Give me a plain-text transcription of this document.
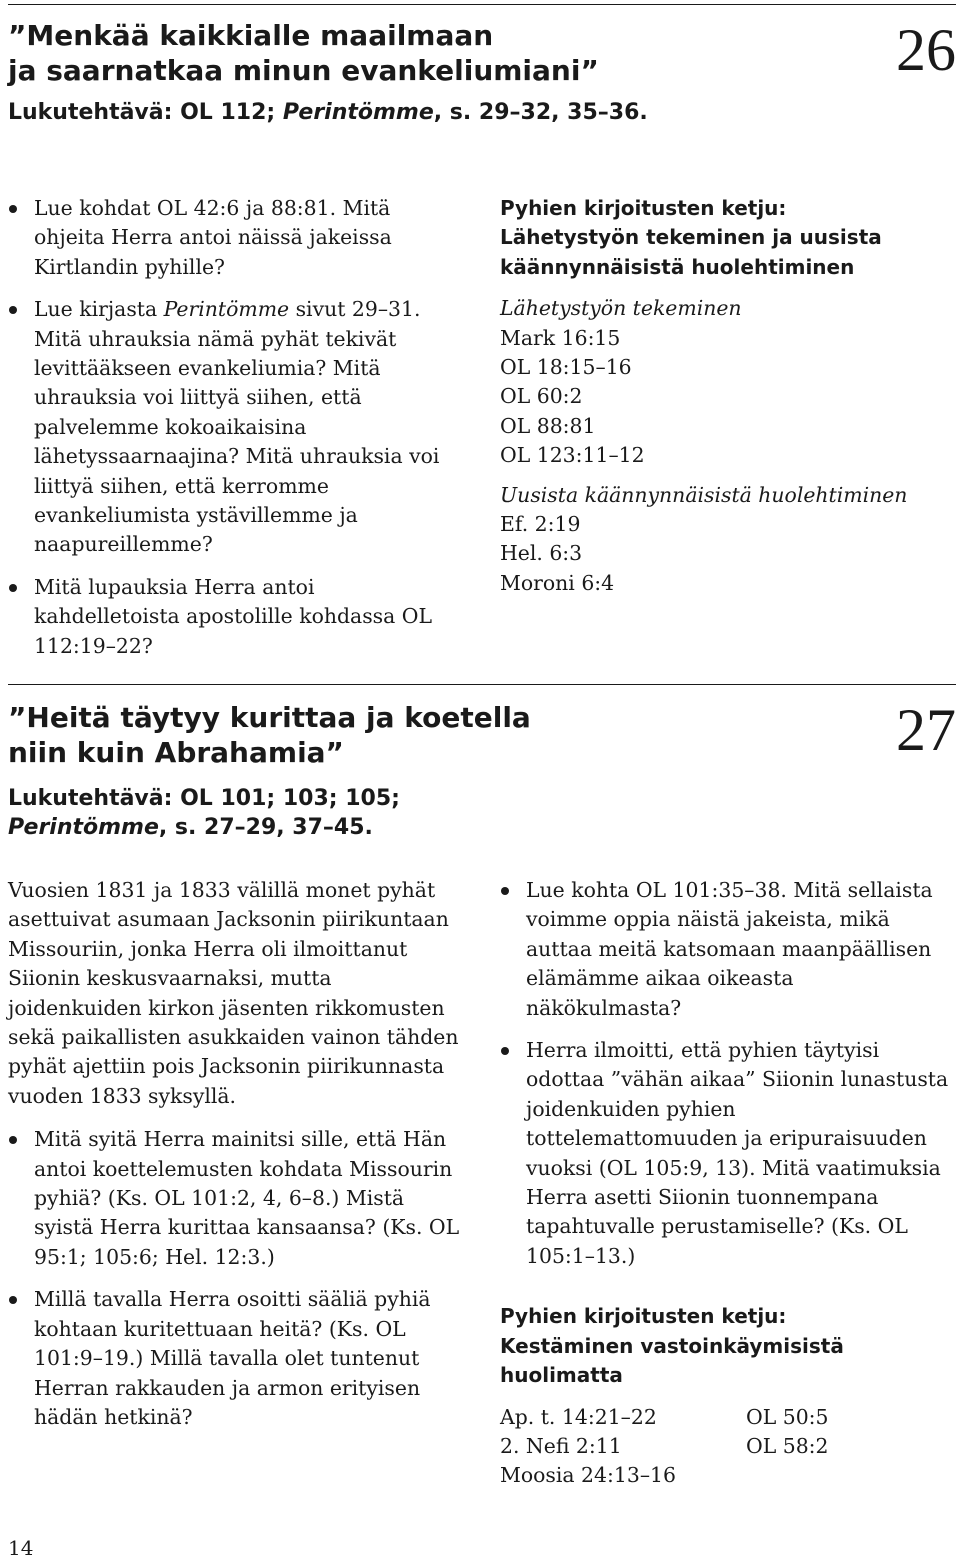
”Menkää kaikkialle maailmaan
ja saarnatkaa minun evankeliumiani”	26

Lukutehtävä: OL 112; Perintömme, s. 29–32, 35–36.

Lue kohdat OL 42:6 ja 88:81. Mitä ohjeita Herra antoi näissä jakeissa Kirtlandin pyhille?
Lue kirjasta Perintömme sivut 29–31. Mitä uhrauksia nämä pyhät tekivät levittääkseen evankeliumia? Mitä uhrauksia voi liittyä siihen, että palvelemme kokoaikaisina lähetyssaarnaajina? Mitä uhrauksia voi liittyä siihen, että kerromme evankeliumista ystävillemme ja naapureillemme?
Mitä lupauksia Herra antoi kahdelletoista apostolille kohdassa OL 112:19–22?

Pyhien kirjoitusten ketju:
Lähetystyön tekeminen ja uusista käännynnäisistä huolehtiminen

Lähetystyön tekeminen

Mark 16:15

OL 18:15–16

OL 60:2

OL 88:81

OL 123:11–12

Uusista käännynnäisistä huolehtiminen

Ef. 2:19

Hel. 6:3

Moroni 6:4

”Heitä täytyy kurittaa ja koetella
niin kuin Abrahamia”	27

Lukutehtävä: OL 101; 103; 105;
Perintömme, s. 27–29, 37–45.

Vuosien 1831 ja 1833 välillä monet pyhät asettuivat asumaan Jacksonin piirikuntaan Missouriin, jonka Herra oli ilmoittanut Siionin keskusvaarnaksi, mutta joidenkuiden kirkon jäsenten rikkomusten sekä paikallisten asukkaiden vainon tähden pyhät ajettiin pois Jacksonin piirikunnasta vuoden 1833 syksyllä.

Mitä syitä Herra mainitsi sille, että Hän antoi koettelemusten kohdata Missourin pyhiä? (Ks. OL 101:2, 4, 6–8.) Mistä syistä Herra kurittaa kansaansa? (Ks. OL 95:1; 105:6; Hel. 12:3.)
Millä tavalla Herra osoitti sääliä pyhiä kohtaan kuritettuaan heitä? (Ks. OL 101:9–19.) Millä tavalla olet tuntenut Herran rakkauden ja armon erityisen hädän hetkinä?
Lue kohta OL 101:35–38. Mitä sellaista voimme oppia näistä jakeista, mikä auttaa meitä katsomaan maanpäällisen elämämme aikaa oikeasta näkökulmasta?
Herra ilmoitti, että pyhien täytyisi odottaa ”vähän aikaa” Siionin lunastusta joidenkuiden pyhien tottelemattomuuden ja eripuraisuuden vuoksi (OL 105:9, 13). Mitä vaatimuksia Herra asetti Siionin tuonnempana tapahtuvalle perustamiselle? (Ks. OL 105:1–13.)

Pyhien kirjoitusten ketju:
Kestäminen vastoinkäymisistä huolimatta

Ap. t. 14:21–22

2. Nefi 2:11

Moosia 24:13–16

OL 50:5

OL 58:2

14
